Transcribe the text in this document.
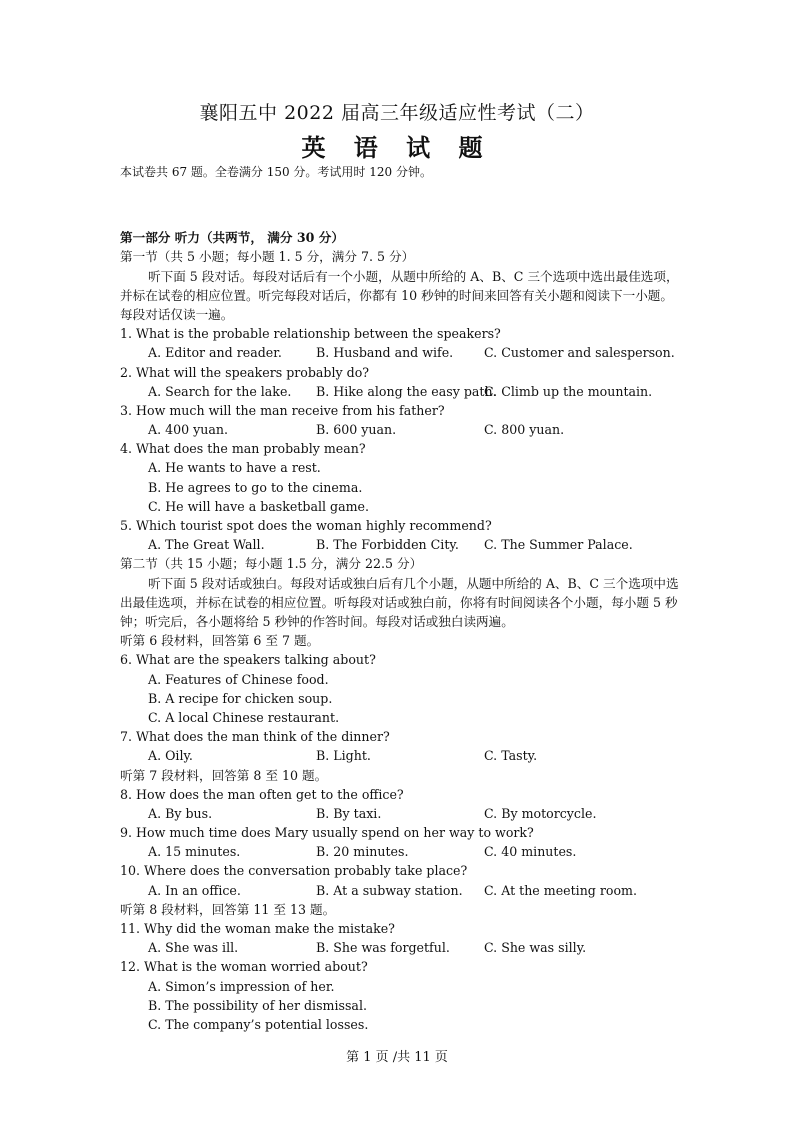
襄阳五中 2022 届高三年级适应性考试（二）
英 语 试 题
本试卷共 67 题。全卷满分 150 分。考试用时 120 分钟。
第一部分 听力（共两节， 满分 30 分）
第一节（共 5 小题；每小题 1. 5 分，满分 7. 5 分）
听下面 5 段对话。每段对话后有一个小题，从题中所给的 A、B、C 三个选项中选出最佳选项，并标在试卷的相应位置。听完每段对话后，你都有 10 秒钟的时间来回答有关小题和阅读下一小题。每段对话仅读一遍。
1. What is the probable relationship between the speakers?
A. Editor and reader.	B. Husband and wife.	C. Customer and salesperson.
2. What will the speakers probably do?
A. Search for the lake.	B. Hike along the easy path.
C. Climb up the mountain.
3. How much will the man receive from his father?
A. 400 yuan.	B. 600 yuan.	C. 800 yuan.
4. What does the man probably mean?
A. He wants to have a rest.
B. He agrees to go to the cinema.
C. He will have a basketball game.
5. Which tourist spot does the woman highly recommend?
A. The Great Wall.	B. The Forbidden City.	C. The Summer Palace.
第二节（共 15 小题；每小题 1.5 分，满分 22.5 分）
听下面 5 段对话或独白。每段对话或独白后有几个小题，从题中所给的 A、B、C 三个选项中选出最佳选项，并标在试卷的相应位置。听每段对话或独白前，你将有时间阅读各个小题，每小题 5 秒钟；听完后，各小题将给 5 秒钟的作答时间。每段对话或独白读两遍。
听第 6 段材料，回答第 6 至 7 题。
6. What are the speakers talking about?
A. Features of Chinese food.
B. A recipe for chicken soup.
C. A local Chinese restaurant.
7. What does the man think of the dinner?
A. Oily.	B. Light.	C. Tasty.
听第 7 段材料，回答第 8 至 10 题。
8. How does the man often get to the office?
A. By bus.	B. By taxi.	C. By motorcycle.
9. How much time does Mary usually spend on her way to work?
A. 15 minutes.	B. 20 minutes.	C. 40 minutes.
10. Where does the conversation probably take place?
A. In an office.	B. At a subway station.	C. At the meeting room.
听第 8 段材料，回答第 11 至 13 题。
11. Why did the woman make the mistake?
A. She was ill.	B. She was forgetful.	C. She was silly.
12. What is the woman worried about?
A. Simon’s impression of her.
B. The possibility of her dismissal.
C. The company’s potential losses.
第 1 页 /共 11 页
